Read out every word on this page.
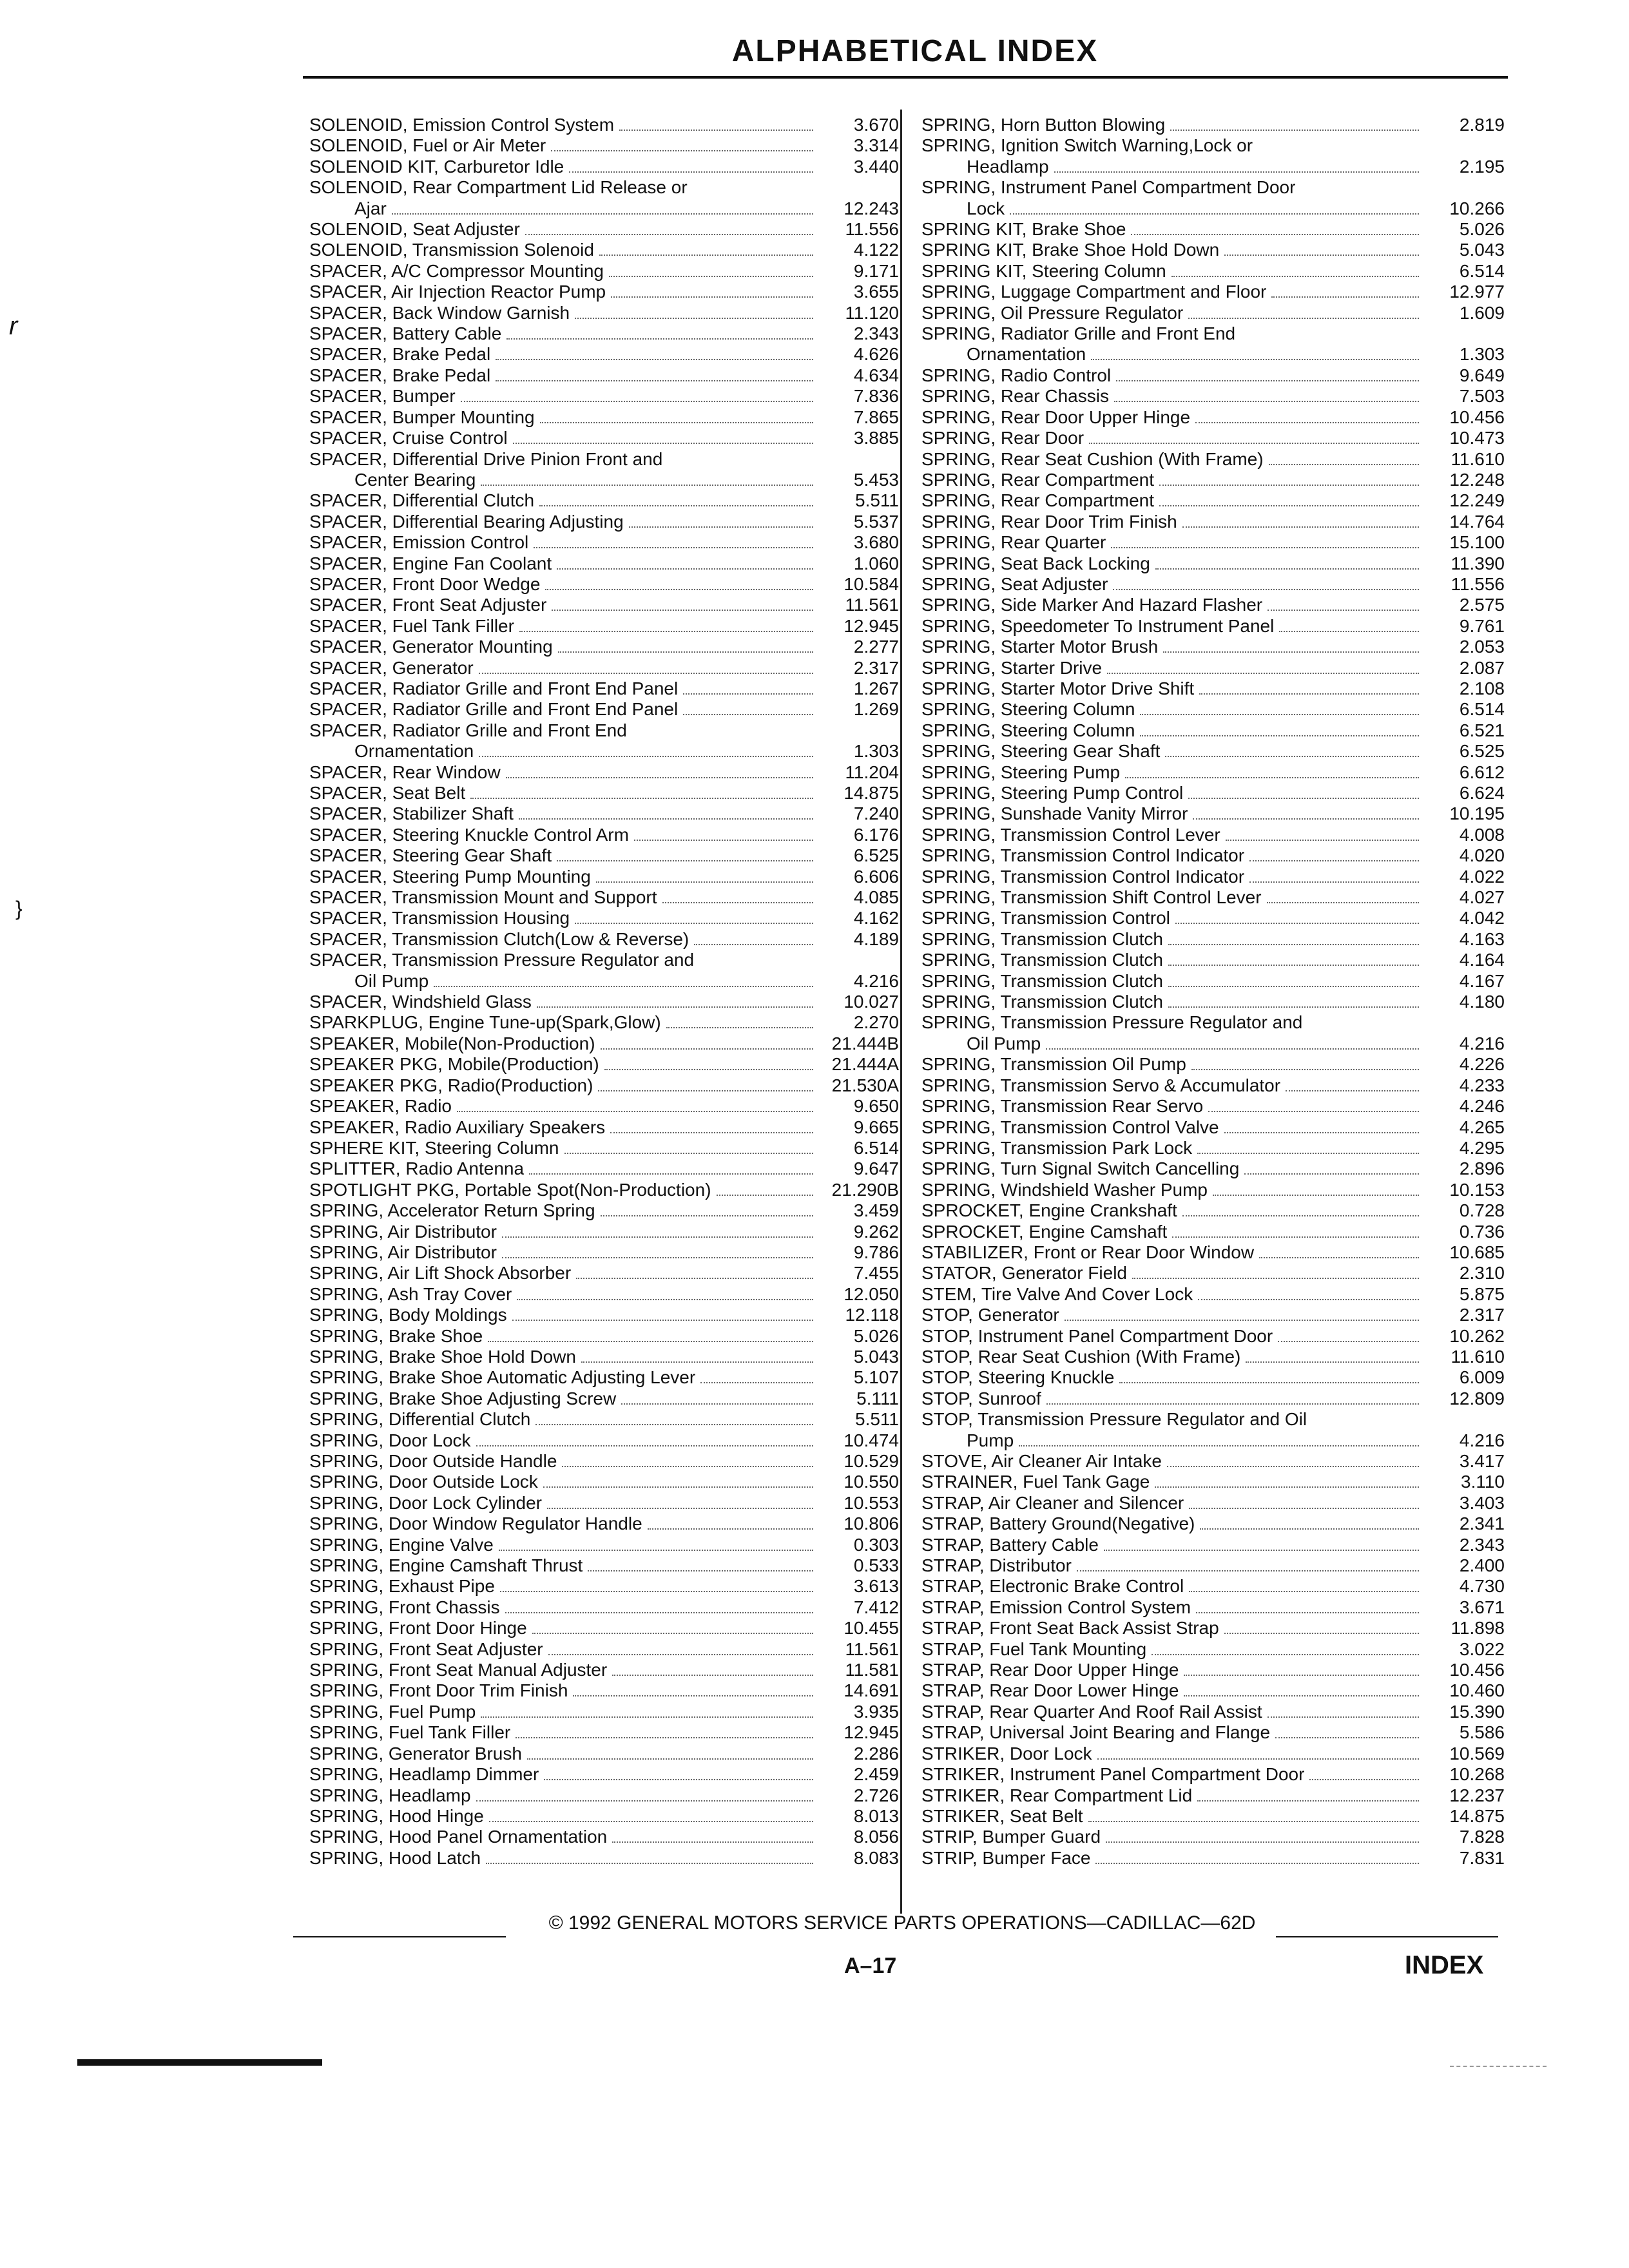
ALPHABETICAL INDEX
r
}
SOLENOID, Emission Control System	3.670
SOLENOID, Fuel or Air Meter	3.314
SOLENOID KIT, Carburetor Idle	3.440
SOLENOID, Rear Compartment Lid Release or
Ajar	12.243
SOLENOID, Seat Adjuster	11.556
SOLENOID, Transmission Solenoid	4.122
SPACER, A/C Compressor Mounting	9.171
SPACER, Air Injection Reactor Pump	3.655
SPACER, Back Window Garnish	11.120
SPACER, Battery Cable	2.343
SPACER, Brake Pedal	4.626
SPACER, Brake Pedal	4.634
SPACER, Bumper	7.836
SPACER, Bumper Mounting	7.865
SPACER, Cruise Control	3.885
SPACER, Differential Drive Pinion Front and
Center Bearing	5.453
SPACER, Differential Clutch	5.511
SPACER, Differential Bearing Adjusting	5.537
SPACER, Emission Control	3.680
SPACER, Engine Fan Coolant	1.060
SPACER, Front Door Wedge	10.584
SPACER, Front Seat Adjuster	11.561
SPACER, Fuel Tank Filler	12.945
SPACER, Generator Mounting	2.277
SPACER, Generator	2.317
SPACER, Radiator Grille and Front End Panel	1.267
SPACER, Radiator Grille and Front End Panel	1.269
SPACER, Radiator Grille and Front End
Ornamentation	1.303
SPACER, Rear Window	11.204
SPACER, Seat Belt	14.875
SPACER, Stabilizer Shaft	7.240
SPACER, Steering Knuckle Control Arm	6.176
SPACER, Steering Gear Shaft	6.525
SPACER, Steering Pump Mounting	6.606
SPACER, Transmission Mount and Support	4.085
SPACER, Transmission Housing	4.162
SPACER, Transmission Clutch(Low & Reverse)	4.189
SPACER, Transmission Pressure Regulator and
Oil Pump	4.216
SPACER, Windshield Glass	10.027
SPARKPLUG, Engine Tune-up(Spark,Glow)	2.270
SPEAKER, Mobile(Non-Production)	21.444B
SPEAKER PKG, Mobile(Production)	21.444A
SPEAKER PKG, Radio(Production)	21.530A
SPEAKER, Radio	9.650
SPEAKER, Radio Auxiliary Speakers	9.665
SPHERE KIT, Steering Column	6.514
SPLITTER, Radio Antenna	9.647
SPOTLIGHT PKG, Portable Spot(Non-Production)	21.290B
SPRING, Accelerator Return Spring	3.459
SPRING, Air Distributor	9.262
SPRING, Air Distributor	9.786
SPRING, Air Lift Shock Absorber	7.455
SPRING, Ash Tray Cover	12.050
SPRING, Body Moldings	12.118
SPRING, Brake Shoe	5.026
SPRING, Brake Shoe Hold Down	5.043
SPRING, Brake Shoe Automatic Adjusting Lever	5.107
SPRING, Brake Shoe Adjusting Screw	5.111
SPRING, Differential Clutch	5.511
SPRING, Door Lock	10.474
SPRING, Door Outside Handle	10.529
SPRING, Door Outside Lock	10.550
SPRING, Door Lock Cylinder	10.553
SPRING, Door Window Regulator Handle	10.806
SPRING, Engine Valve	0.303
SPRING, Engine Camshaft Thrust	0.533
SPRING, Exhaust Pipe	3.613
SPRING, Front Chassis	7.412
SPRING, Front Door Hinge	10.455
SPRING, Front Seat Adjuster	11.561
SPRING, Front Seat Manual Adjuster	11.581
SPRING, Front Door Trim Finish	14.691
SPRING, Fuel Pump	3.935
SPRING, Fuel Tank Filler	12.945
SPRING, Generator Brush	2.286
SPRING, Headlamp Dimmer	2.459
SPRING, Headlamp	2.726
SPRING, Hood Hinge	8.013
SPRING, Hood Panel Ornamentation	8.056
SPRING, Hood Latch	8.083
SPRING, Horn Button Blowing	2.819
SPRING, Ignition Switch Warning,Lock or
Headlamp	2.195
SPRING, Instrument Panel Compartment Door
Lock	10.266
SPRING KIT, Brake Shoe	5.026
SPRING KIT, Brake Shoe Hold Down	5.043
SPRING KIT, Steering Column	6.514
SPRING, Luggage Compartment and Floor	12.977
SPRING, Oil Pressure Regulator	1.609
SPRING, Radiator Grille and Front End
Ornamentation	1.303
SPRING, Radio Control	9.649
SPRING, Rear Chassis	7.503
SPRING, Rear Door Upper Hinge	10.456
SPRING, Rear Door	10.473
SPRING, Rear Seat Cushion (With Frame)	11.610
SPRING, Rear Compartment	12.248
SPRING, Rear Compartment	12.249
SPRING, Rear Door Trim Finish	14.764
SPRING, Rear Quarter	15.100
SPRING, Seat Back Locking	11.390
SPRING, Seat Adjuster	11.556
SPRING, Side Marker And Hazard Flasher	2.575
SPRING, Speedometer To Instrument Panel	9.761
SPRING, Starter Motor Brush	2.053
SPRING, Starter Drive	2.087
SPRING, Starter Motor Drive Shift	2.108
SPRING, Steering Column	6.514
SPRING, Steering Column	6.521
SPRING, Steering Gear Shaft	6.525
SPRING, Steering Pump	6.612
SPRING, Steering Pump Control	6.624
SPRING, Sunshade Vanity Mirror	10.195
SPRING, Transmission Control Lever	4.008
SPRING, Transmission Control Indicator	4.020
SPRING, Transmission Control Indicator	4.022
SPRING, Transmission Shift Control Lever	4.027
SPRING, Transmission Control	4.042
SPRING, Transmission Clutch	4.163
SPRING, Transmission Clutch	4.164
SPRING, Transmission Clutch	4.167
SPRING, Transmission Clutch	4.180
SPRING, Transmission Pressure Regulator and
Oil Pump	4.216
SPRING, Transmission Oil Pump	4.226
SPRING, Transmission Servo & Accumulator	4.233
SPRING, Transmission Rear Servo	4.246
SPRING, Transmission Control Valve	4.265
SPRING, Transmission Park Lock	4.295
SPRING, Turn Signal Switch Cancelling	2.896
SPRING, Windshield Washer Pump	10.153
SPROCKET, Engine Crankshaft	0.728
SPROCKET, Engine Camshaft	0.736
STABILIZER, Front or Rear Door Window	10.685
STATOR, Generator Field	2.310
STEM, Tire Valve And Cover Lock	5.875
STOP, Generator	2.317
STOP, Instrument Panel Compartment Door	10.262
STOP, Rear Seat Cushion (With Frame)	11.610
STOP, Steering Knuckle	6.009
STOP, Sunroof	12.809
STOP, Transmission Pressure Regulator and Oil
Pump	4.216
STOVE, Air Cleaner Air Intake	3.417
STRAINER, Fuel Tank Gage	3.110
STRAP, Air Cleaner and Silencer	3.403
STRAP, Battery Ground(Negative)	2.341
STRAP, Battery Cable	2.343
STRAP, Distributor	2.400
STRAP, Electronic Brake Control	4.730
STRAP, Emission Control System	3.671
STRAP, Front Seat Back Assist Strap	11.898
STRAP, Fuel Tank Mounting	3.022
STRAP, Rear Door Upper Hinge	10.456
STRAP, Rear Door Lower Hinge	10.460
STRAP, Rear Quarter And Roof Rail Assist	15.390
STRAP, Universal Joint Bearing and Flange	5.586
STRIKER, Door Lock	10.569
STRIKER, Instrument Panel Compartment Door	10.268
STRIKER, Rear Compartment Lid	12.237
STRIKER, Seat Belt	14.875
STRIP, Bumper Guard	7.828
STRIP, Bumper Face	7.831
© 1992 GENERAL MOTORS SERVICE PARTS OPERATIONS—CADILLAC—62D
A–17	INDEX
